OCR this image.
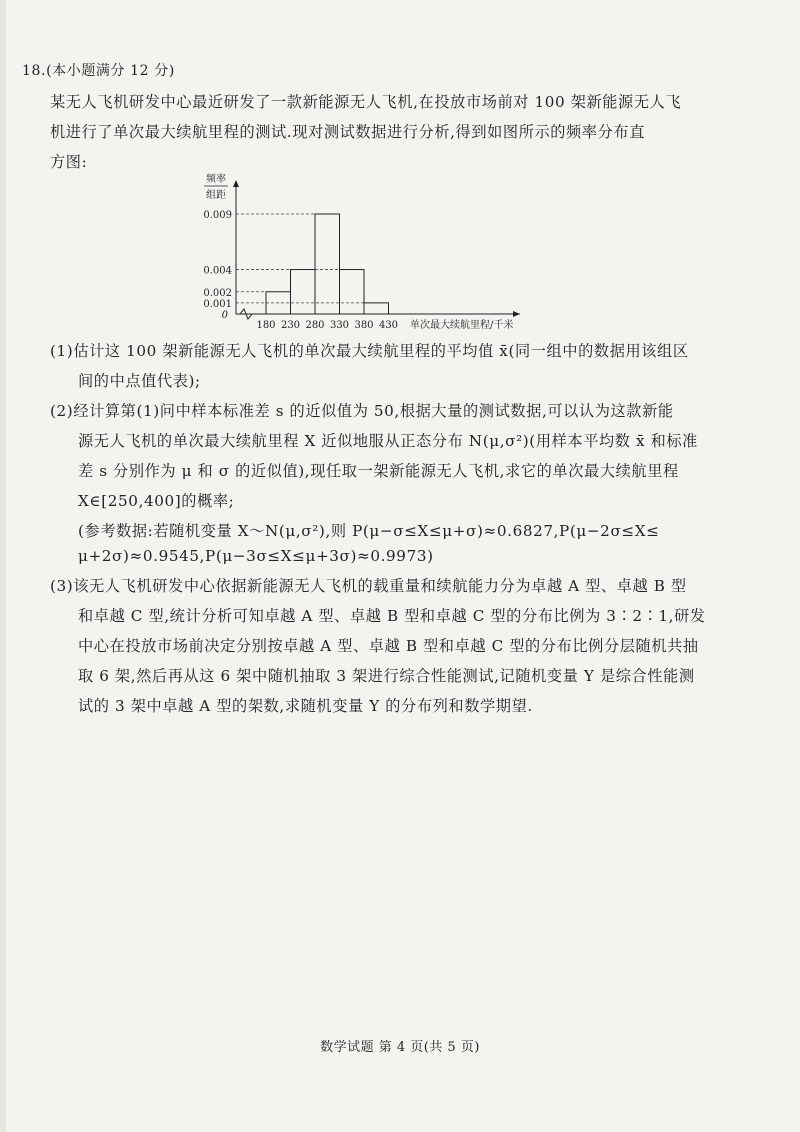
18.(本小题满分 12 分)
某无人飞机研发中心最近研发了一款新能源无人飞机,在投放市场前对 100 架新能源无人飞
机进行了单次最大续航里程的测试.现对测试数据进行分析,得到如图所示的频率分布直
方图:
0.009
0.004
0.002
0.001
0
180 230 280 330 380 430 单次最大续航里程/千米
频率
组距
(1)估计这 100 架新能源无人飞机的单次最大续航里程的平均值 x̄(同一组中的数据用该组区
间的中点值代表);
(2)经计算第(1)问中样本标准差 s 的近似值为 50,根据大量的测试数据,可以认为这款新能
源无人飞机的单次最大续航里程 X 近似地服从正态分布 N(μ,σ²)(用样本平均数 x̄ 和标准
差 s 分别作为 μ 和 σ 的近似值),现任取一架新能源无人飞机,求它的单次最大续航里程
X∈[250,400]的概率;
(参考数据:若随机变量 X～N(μ,σ²),则 P(μ−σ≤X≤μ+σ)≈0.6827,P(μ−2σ≤X≤
μ+2σ)≈0.9545,P(μ−3σ≤X≤μ+3σ)≈0.9973)
(3)该无人飞机研发中心依据新能源无人飞机的载重量和续航能力分为卓越 A 型、卓越 B 型
和卓越 C 型,统计分析可知卓越 A 型、卓越 B 型和卓越 C 型的分布比例为 3∶2∶1,研发
中心在投放市场前决定分别按卓越 A 型、卓越 B 型和卓越 C 型的分布比例分层随机共抽
取 6 架,然后再从这 6 架中随机抽取 3 架进行综合性能测试,记随机变量 Y 是综合性能测
试的 3 架中卓越 A 型的架数,求随机变量 Y 的分布列和数学期望.
数学试题 第 4 页(共 5 页)
